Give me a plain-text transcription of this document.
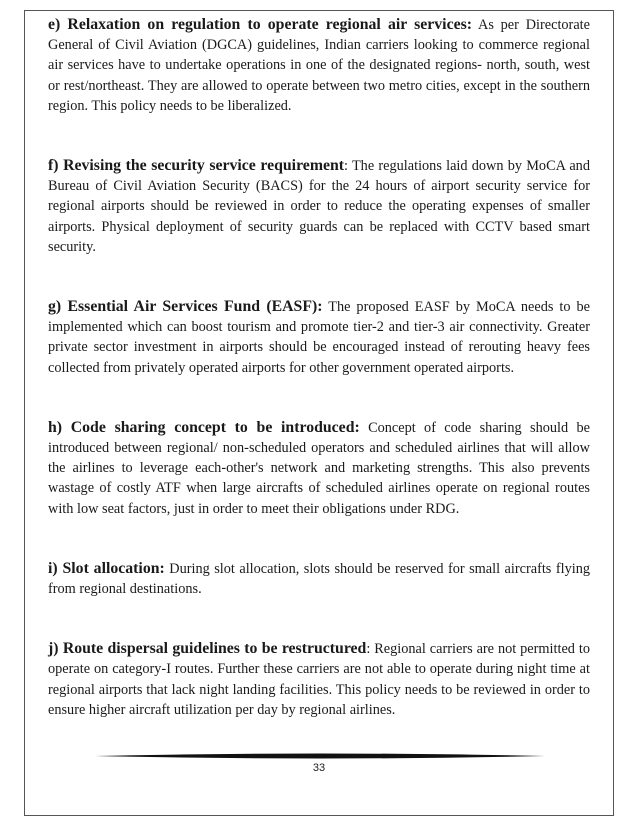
e) Relaxation on regulation to operate regional air services: As per Directorate General of Civil Aviation (DGCA) guidelines, Indian carriers looking to commerce regional air services have to undertake operations in one of the designated regions- north, south, west or rest/northeast. They are allowed to operate between two metro cities, except in the southern region. This policy needs to be liberalized.

f) Revising the security service requirement: The regulations laid down by MoCA and Bureau of Civil Aviation Security (BACS) for the 24 hours of airport security service for regional airports should be reviewed in order to reduce the operating expenses of smaller airports. Physical deployment of security guards can be replaced with CCTV based smart security.

g) Essential Air Services Fund (EASF): The proposed EASF by MoCA needs to be implemented which can boost tourism and promote tier-2 and tier-3 air connectivity. Greater private sector investment in airports should be encouraged instead of rerouting heavy fees collected from privately operated airports for other government operated airports.

h) Code sharing concept to be introduced: Concept of code sharing should be introduced between regional/ non-scheduled operators and scheduled airlines that will allow the airlines to leverage each-other's network and marketing strengths. This also prevents wastage of costly ATF when large aircrafts of scheduled airlines operate on regional routes with low seat factors, just in order to meet their obligations under RDG.

i) Slot allocation: During slot allocation, slots should be reserved for small aircrafts flying from regional destinations.

j) Route dispersal guidelines to be restructured: Regional carriers are not permitted to operate on category-I routes. Further these carriers are not able to operate during night time at regional airports that lack night landing facilities. This policy needs to be reviewed in order to ensure higher aircraft utilization per day by regional airlines.

33
